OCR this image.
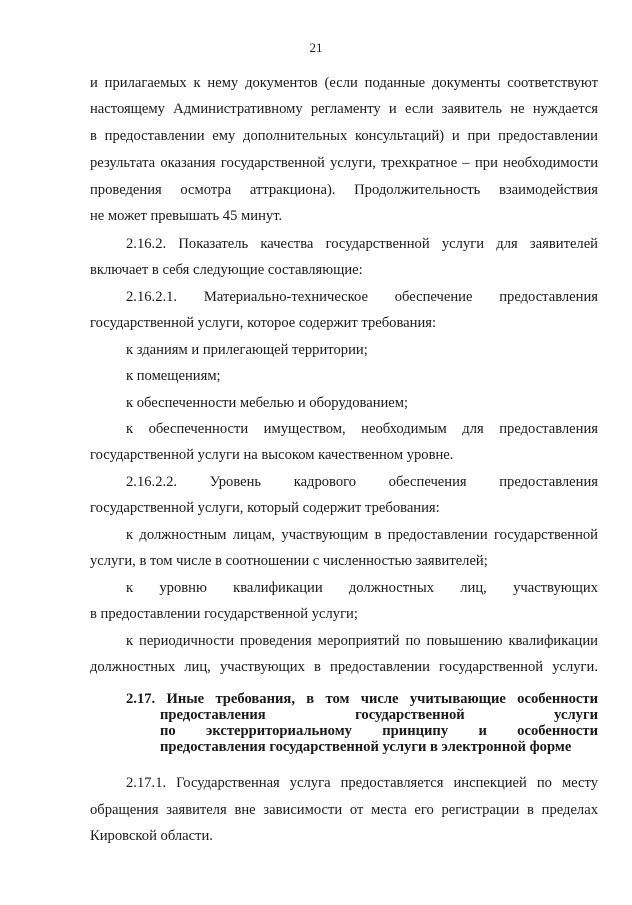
21
и прилагаемых к нему документов (если поданные документы соответствуют
настоящему Административному регламенту и если заявитель не нуждается
в предоставлении ему дополнительных консультаций) и при предоставлении
результата оказания государственной услуги, трехкратное – при необходимости
проведения осмотра аттракциона). Продолжительность взаимодействия
не может превышать 45 минут.
2.16.2. Показатель качества государственной услуги для заявителей
включает в себя следующие составляющие:
2.16.2.1. Материально-техническое обеспечение предоставления
государственной услуги, которое содержит требования:
к зданиям и прилегающей территории;
к помещениям;
к обеспеченности мебелью и оборудованием;
к обеспеченности имуществом, необходимым для предоставления
государственной услуги на высоком качественном уровне.
2.16.2.2. Уровень кадрового обеспечения предоставления
государственной услуги, который содержит требования:
к должностным лицам, участвующим в предоставлении государственной
услуги, в том числе в соотношении с численностью заявителей;
к уровню квалификации должностных лиц, участвующих
в предоставлении государственной услуги;
к периодичности проведения мероприятий по повышению квалификации
должностных лиц, участвующих в предоставлении государственной услуги.
2.17. Иные требования, в том числе учитывающие особенности
предоставления государственной услуги
по экстерриториальному принципу и особенности
предоставления государственной услуги в электронной форме
2.17.1. Государственная услуга предоставляется инспекцией по месту
обращения заявителя вне зависимости от места его регистрации в пределах
Кировской области.
